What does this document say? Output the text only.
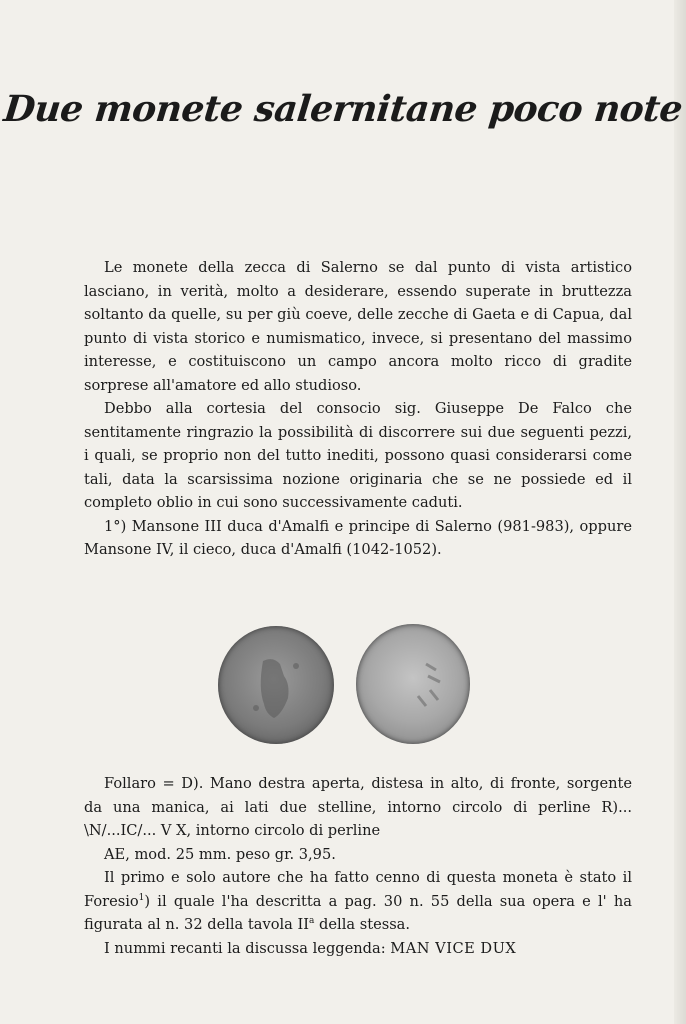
Due monete salernitane poco note

Le monete della zecca di Salerno se dal punto di vista artistico lasciano, in verità, molto a desiderare, essendo superate in bruttezza soltanto da quelle, su per giù coeve, delle zecche di Gaeta e di Capua, dal punto di vista storico e numismatico, invece, si presentano del massimo interesse, e costituiscono un campo ancora molto ricco di gradite sorprese all'amatore ed allo studioso.

Debbo alla cortesia del consocio sig. Giuseppe De Falco che sentitamente ringrazio la possibilità di discorrere sui due seguenti pezzi, i quali, se proprio non del tutto inediti, possono quasi considerarsi come tali, data la scarsissima nozione originaria che se ne possiede ed il completo oblio in cui sono successivamente caduti.

1°) Mansone III duca d'Amalfi e principe di Salerno (981-983), oppure Mansone IV, il cieco, duca d'Amalfi (1042-1052).

Follaro = D). Mano destra aperta, distesa in alto, di fronte, sorgente da una manica, ai lati due stelline, intorno circolo di perline R)... \N/...IC/... V X, intorno circolo di perline

AE, mod. 25 mm. peso gr. 3,95.

Il primo e solo autore che ha fatto cenno di questa moneta è stato il Foresio$^1$) il quale l'ha descritta a pag. 30 n. 55 della sua opera e l' ha figurata al n. 32 della tavola $II^a$ della stessa.

I nummi recanti la discussa leggenda: MAN VICE DUX
